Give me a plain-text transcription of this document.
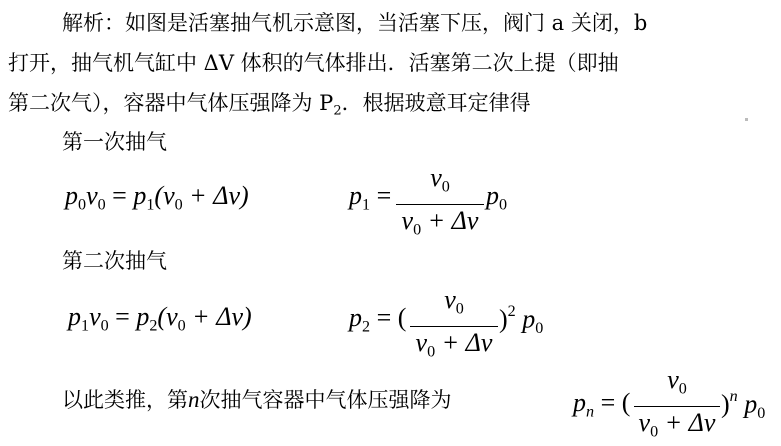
解析：如图是活塞抽气机示意图，当活塞下压，阀门 a 关闭，b
打开，抽气机气缸中 ΔV 体积的气体排出．活塞第二次上提（即抽
第二次气），容器中气体压强降为 $P_2$．根据玻意耳定律得
第一次抽气
$p_0v_0 = p_1(v_0 + \Delta v)$	$p_1$ =
$v_0$
$v_0 + \Delta v$
$p_0$
第二次抽气
$p_1v_0 = p_2(v_0 + \Delta v)$	$p_2$ = (
$v_0$
$v_0 + \Delta v$
)$^2$ $p_0$
以此类推，第n次抽气容器中气体压强降为	$p_n$ = (
$v_0$
$v_0 + \Delta v$
)$^n$ $p_0$
